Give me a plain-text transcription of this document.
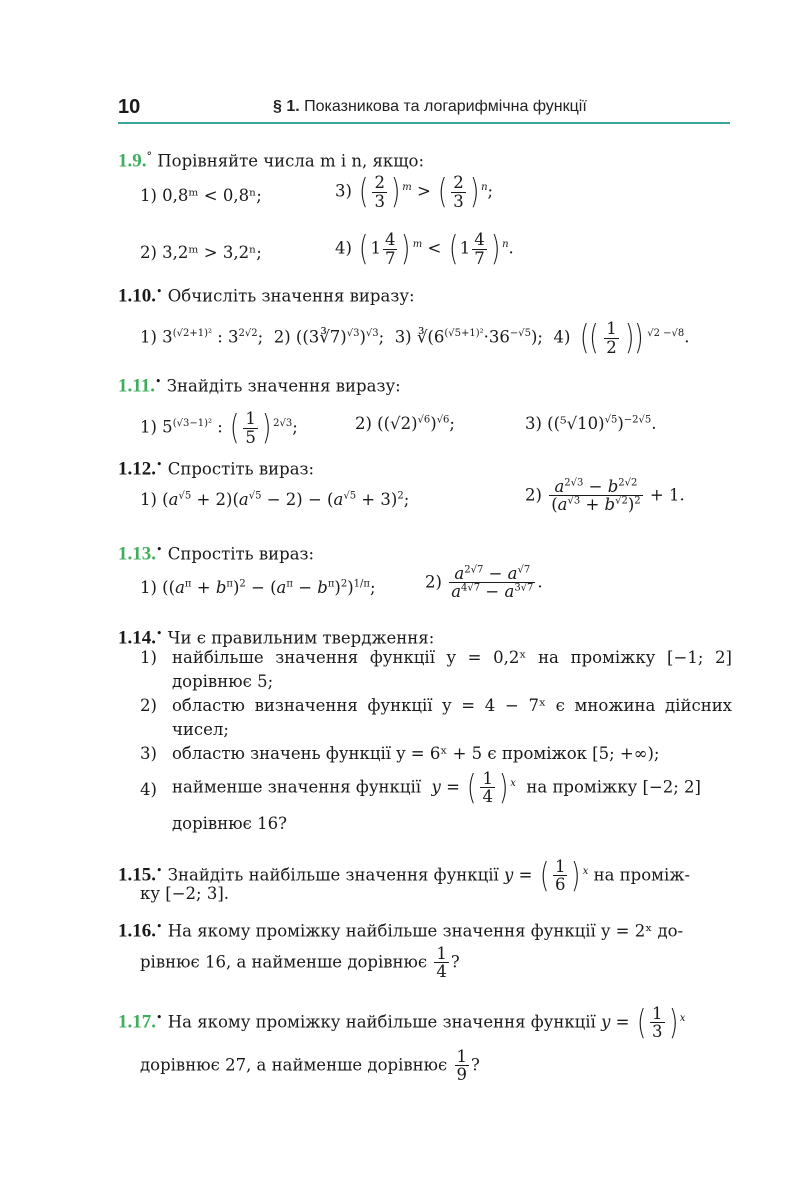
10	§ 1. Показникова та логарифмічна функції
1.9.° Порівняйте числа m і n, якщо:
1) 0,8ᵐ < 0,8ⁿ;	3) ( $\frac{2}{3}$ ) $^m$ > ( $\frac{2}{3}$ ) $^n$;
2) 3,2ᵐ > 3,2ⁿ;	4) ( $1 \frac{4}{7}$ ) $^m$ < ( $1 \frac{4}{7}$ ) $^n$.
1.10.• Обчисліть значення виразу:
1) $3^{(√2+1)^2}$ : $3^{2√2}$;  2) ((3∛7)$^{√3}$)$^{√3}$;  3) $∛(6^{(√5+1)^2}\cdot 36^{-√5})$;  4) (( $\frac{1}{2}$ )) $^{√2 -√8}$.
1.11.• Знайдіть значення виразу:
1) $5^{(√3-1)^2}$ : ( $\frac{1}{5}$ ) $^{2√3}$;	2) $((√2)^{√6})^{√6}$;	3) $((^5√10)^{√5})^{-2√5}$.
1.12.• Спростіть вираз:
1) $(a^{√5} + 2)(a^{√5} - 2) - (a^{√5} + 3)^2$;	$2) \frac{a^{2√3} - b^{2√2}}{(a^{√3} + b^{√2})^2} + 1$.
1.13.• Спростіть вираз:
1) $((a^\pi + b^\pi)^2 - (a^\pi - b^\pi)^2)^{1/\pi}$;	$2) \frac{a^{2√7} - a^{√7}}{a^{4√7} - a^{3√7}}$ .
1.14.• Чи є правильним твердження:
1) найбільше значення функції y = 0,2ˣ на проміжку [−1; 2] дорівнює 5;
2) областю визначення функції y = 4 − 7ˣ є множина дійсних чисел;
3) областю значень функції y = 6ˣ + 5 є проміжок [5; +∞);
4) найменше значення функції y = ( $\frac{1}{4}$ ) $^x$ на проміжку [−2; 2]
дорівнює 16?
1.15.• Знайдіть найбільше значення функції y = ( $\frac{1}{6}$ ) $^x$ на проміж-
ку [−2; 3].
1.16.• На якому проміжку найбільше значення функції y = 2ˣ до-
рівнює 16, а найменше дорівнює $\frac{1}{4}$ ?
1.17.• На якому проміжку найбільше значення функції y = ( $\frac{1}{3}$ ) $^x$
дорівнює 27, а найменше дорівнює $\frac{1}{9}$ ?
